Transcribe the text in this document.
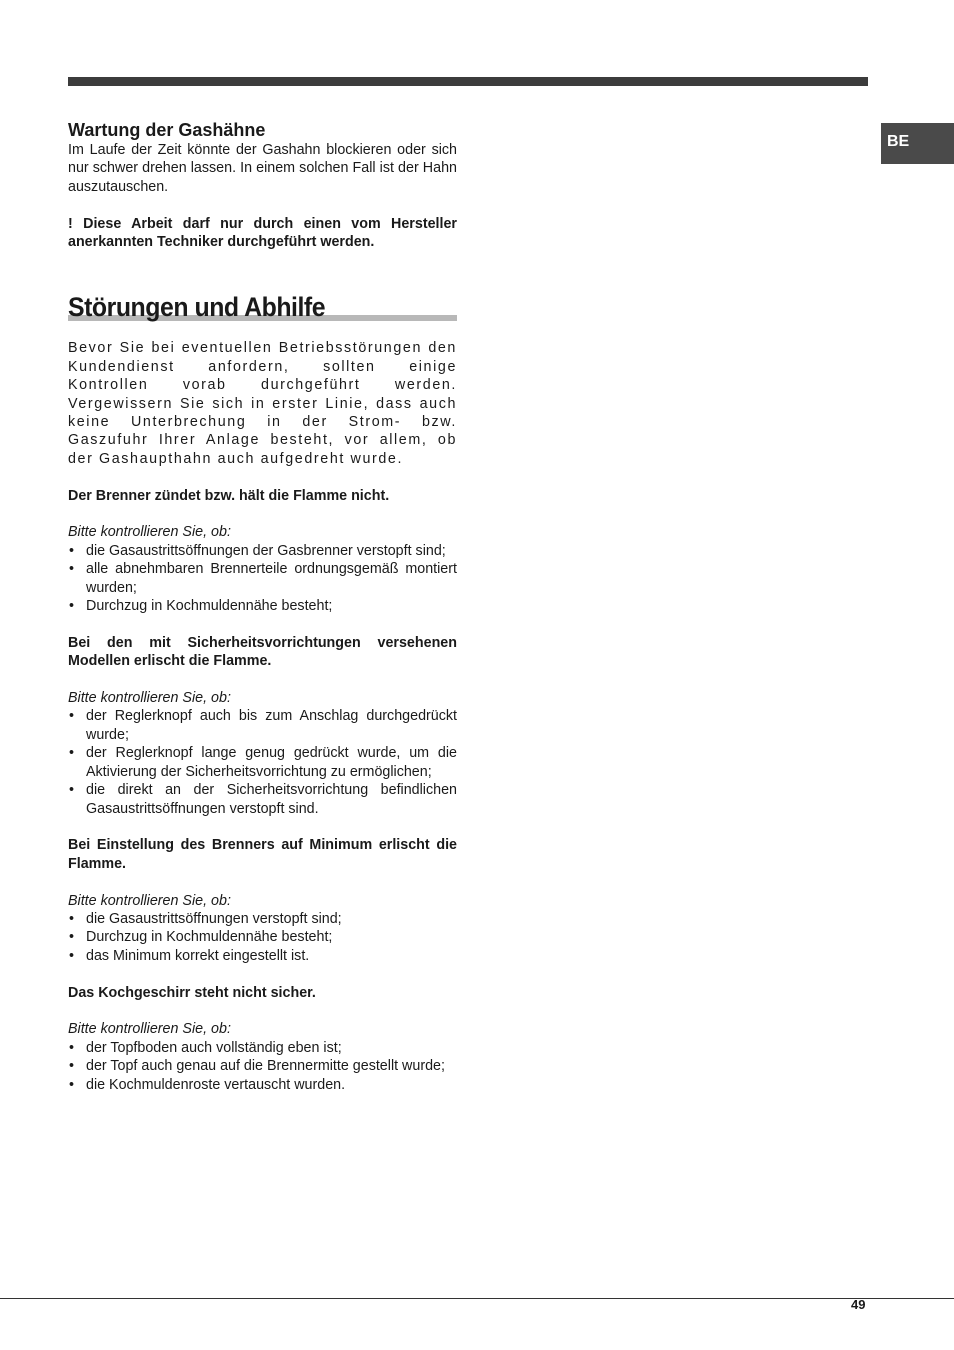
BE
Wartung der Gashähne

Im Laufe der Zeit könnte der Gashahn blockieren oder sich nur schwer drehen lassen. In einem solchen Fall ist der Hahn auszutauschen.

! Diese Arbeit darf nur durch einen vom Hersteller anerkannten Techniker durchgeführt werden.

Störungen und Abhilfe

Bevor Sie bei eventuellen Betriebsstörungen den Kundendienst anfordern, sollten einige Kontrollen vorab durchgeführt werden. Vergewissern Sie sich in erster Linie, dass auch keine Unterbrechung in der Strom- bzw. Gaszufuhr Ihrer Anlage besteht, vor allem, ob der Gashaupthahn auch aufgedreht wurde.

Der Brenner zündet bzw. hält die Flamme nicht.

Bitte kontrollieren Sie, ob:

• die Gasaustrittsöffnungen der Gasbrenner verstopft sind;
• alle abnehmbaren Brennerteile ordnungsgemäß montiert wurden;
• Durchzug in Kochmuldennähe besteht;

Bei den mit Sicherheitsvorrichtungen versehenen Modellen erlischt die Flamme.

Bitte kontrollieren Sie, ob:

• der Reglerknopf auch bis zum Anschlag durchgedrückt wurde;
• der Reglerknopf lange genug gedrückt wurde, um die Aktivierung der Sicherheitsvorrichtung zu ermöglichen;
• die direkt an der Sicherheitsvorrichtung befindlichen Gasaustrittsöffnungen verstopft sind.

Bei Einstellung des Brenners auf Minimum erlischt die Flamme.

Bitte kontrollieren Sie, ob:

• die Gasaustrittsöffnungen verstopft sind;
• Durchzug in Kochmuldennähe besteht;
• das Minimum korrekt eingestellt ist.

Das Kochgeschirr steht nicht sicher.

Bitte kontrollieren Sie, ob:

• der Topfboden auch vollständig eben ist;
• der Topf auch genau auf die Brennermitte gestellt wurde;
• die Kochmuldenroste vertauscht wurden.
49
